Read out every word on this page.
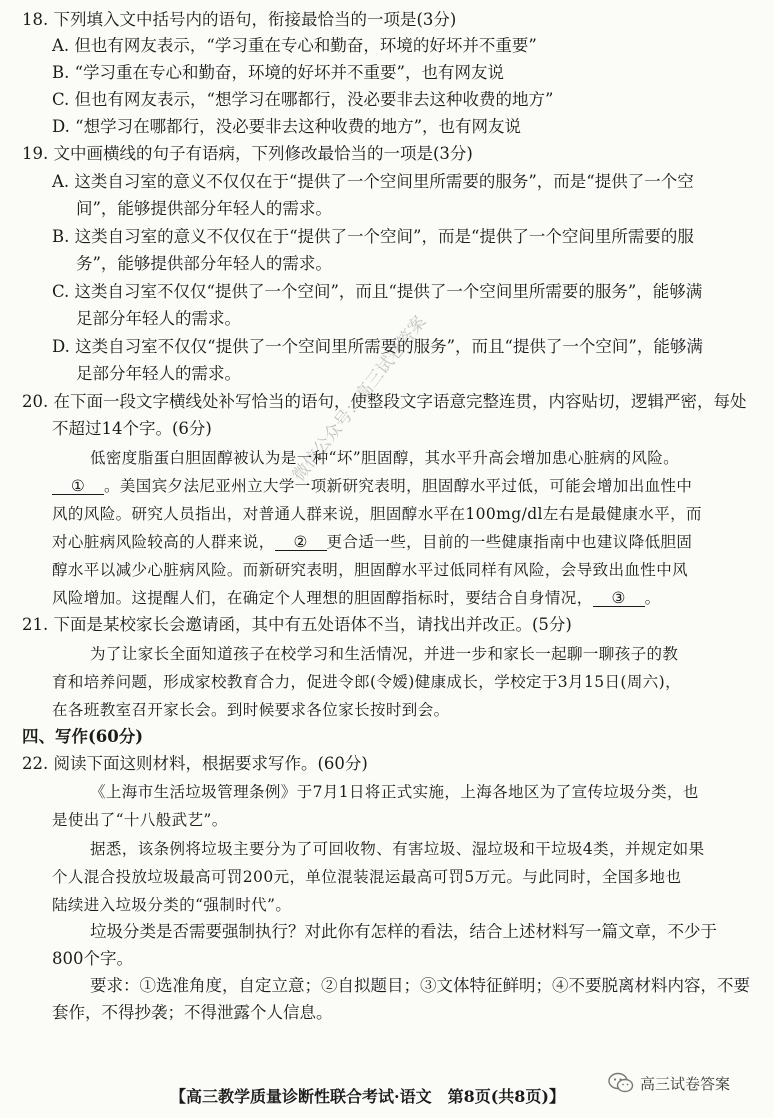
18. 下列填入文中括号内的语句，衔接最恰当的一项是(3分)
A. 但也有网友表示，“学习重在专心和勤奋，环境的好坏并不重要”
B. “学习重在专心和勤奋，环境的好坏并不重要”，也有网友说
C. 但也有网友表示，“想学习在哪都行，没必要非去这种收费的地方”
D. “想学习在哪都行，没必要非去这种收费的地方”，也有网友说
19. 文中画横线的句子有语病，下列修改最恰当的一项是(3分)
A. 这类自习室的意义不仅仅在于“提供了一个空间里所需要的服务”，而是“提供了一个空
间”，能够提供部分年轻人的需求。
B. 这类自习室的意义不仅仅在于“提供了一个空间”，而是“提供了一个空间里所需要的服
务”，能够提供部分年轻人的需求。
C. 这类自习室不仅仅“提供了一个空间”，而且“提供了一个空间里所需要的服务”，能够满
足部分年轻人的需求。
D. 这类自习室不仅仅“提供了一个空间里所需要的服务”，而且“提供了一个空间”，能够满
足部分年轻人的需求。
20. 在下面一段文字横线处补写恰当的语句，使整段文字语意完整连贯，内容贴切，逻辑严密，每处
不超过14个字。(6分)
低密度脂蛋白胆固醇被认为是一种“坏”胆固醇，其水平升高会增加患心脏病的风险。
① 。美国宾夕法尼亚州立大学一项新研究表明，胆固醇水平过低，可能会增加出血性中
风的风险。研究人员指出，对普通人群来说，胆固醇水平在100mg/dl左右是最健康水平，而
对心脏病风险较高的人群来说， ② 更合适一些，目前的一些健康指南中也建议降低胆固
醇水平以减少心脏病风险。而新研究表明，胆固醇水平过低同样有风险，会导致出血性中风
风险增加。这提醒人们，在确定个人理想的胆固醇指标时，要结合自身情况， ③ 。
21. 下面是某校家长会邀请函，其中有五处语体不当，请找出并改正。(5分)
为了让家长全面知道孩子在校学习和生活情况，并进一步和家长一起聊一聊孩子的教
育和培养问题，形成家校教育合力，促进令郎(令嫒)健康成长，学校定于3月15日(周六)，
在各班教室召开家长会。到时候要求各位家长按时到会。
四、写作(60分)
22. 阅读下面这则材料，根据要求写作。(60分)
《上海市生活垃圾管理条例》于7月1日将正式实施，上海各地区为了宣传垃圾分类，也
是使出了“十八般武艺”。
据悉，该条例将垃圾主要分为了可回收物、有害垃圾、湿垃圾和干垃圾4类，并规定如果
个人混合投放垃圾最高可罚200元，单位混装混运最高可罚5万元。与此同时，全国多地也
陆续进入垃圾分类的“强制时代”。
垃圾分类是否需要强制执行？对此你有怎样的看法，结合上述材料写一篇文章，不少于
800个字。
要求：①选准角度，自定立意；②自拟题目；③文体特征鲜明；④不要脱离材料内容，不要
套作，不得抄袭；不得泄露个人信息。
微信公众号：高三试卷答案
【高三教学质量诊断性联合考试·语文　第8页(共8页)】
高三试卷答案
